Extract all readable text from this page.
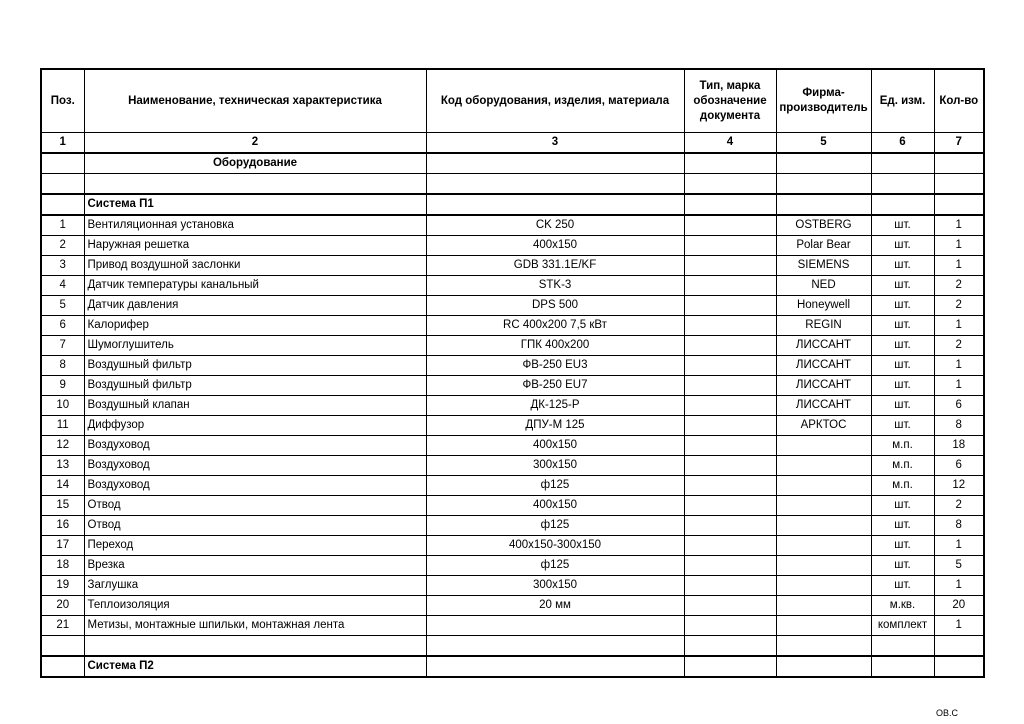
Поз.	Наименование, техническая характеристика	Код оборудования, изделия, материала	Тип, марка обозначение документа	Фирма-производитель	Ед. изм.	Кол-во
1	2	3	4	5	6	7
	Оборудование					

	Система П1					
1	Вентиляционная установка	CK 250		OSTBERG	шт.	1
2	Наружная решетка	400х150		Polar Bear	шт.	1
3	Привод воздушной заслонки	GDB 331.1E/KF		SIEMENS	шт.	1
4	Датчик температуры канальный	STK-3		NED	шт.	2
5	Датчик давления	DPS 500		Honeywell	шт.	2
6	Калорифер	RC 400х200 7,5 кВт		REGIN	шт.	1
7	Шумоглушитель	ГПК 400х200		ЛИССАНТ	шт.	2
8	Воздушный фильтр	ФВ-250 EU3		ЛИССАНТ	шт.	1
9	Воздушный фильтр	ФВ-250 EU7		ЛИССАНТ	шт.	1
10	Воздушный клапан	ДК-125-Р		ЛИССАНТ	шт.	6
11	Диффузор	ДПУ-М 125		АРКТОС	шт.	8
12	Воздуховод	400х150			м.п.	18
13	Воздуховод	300х150			м.п.	6
14	Воздуховод	ф125			м.п.	12
15	Отвод	400х150			шт.	2
16	Отвод	ф125			шт.	8
17	Переход	400х150-300х150			шт.	1
18	Врезка	ф125			шт.	5
19	Заглушка	300х150			шт.	1
20	Теплоизоляция	20 мм			м.кв.	20
21	Метизы, монтажные шпильки, монтажная лента				комплект	1

	Система П2					
ОВ.С
